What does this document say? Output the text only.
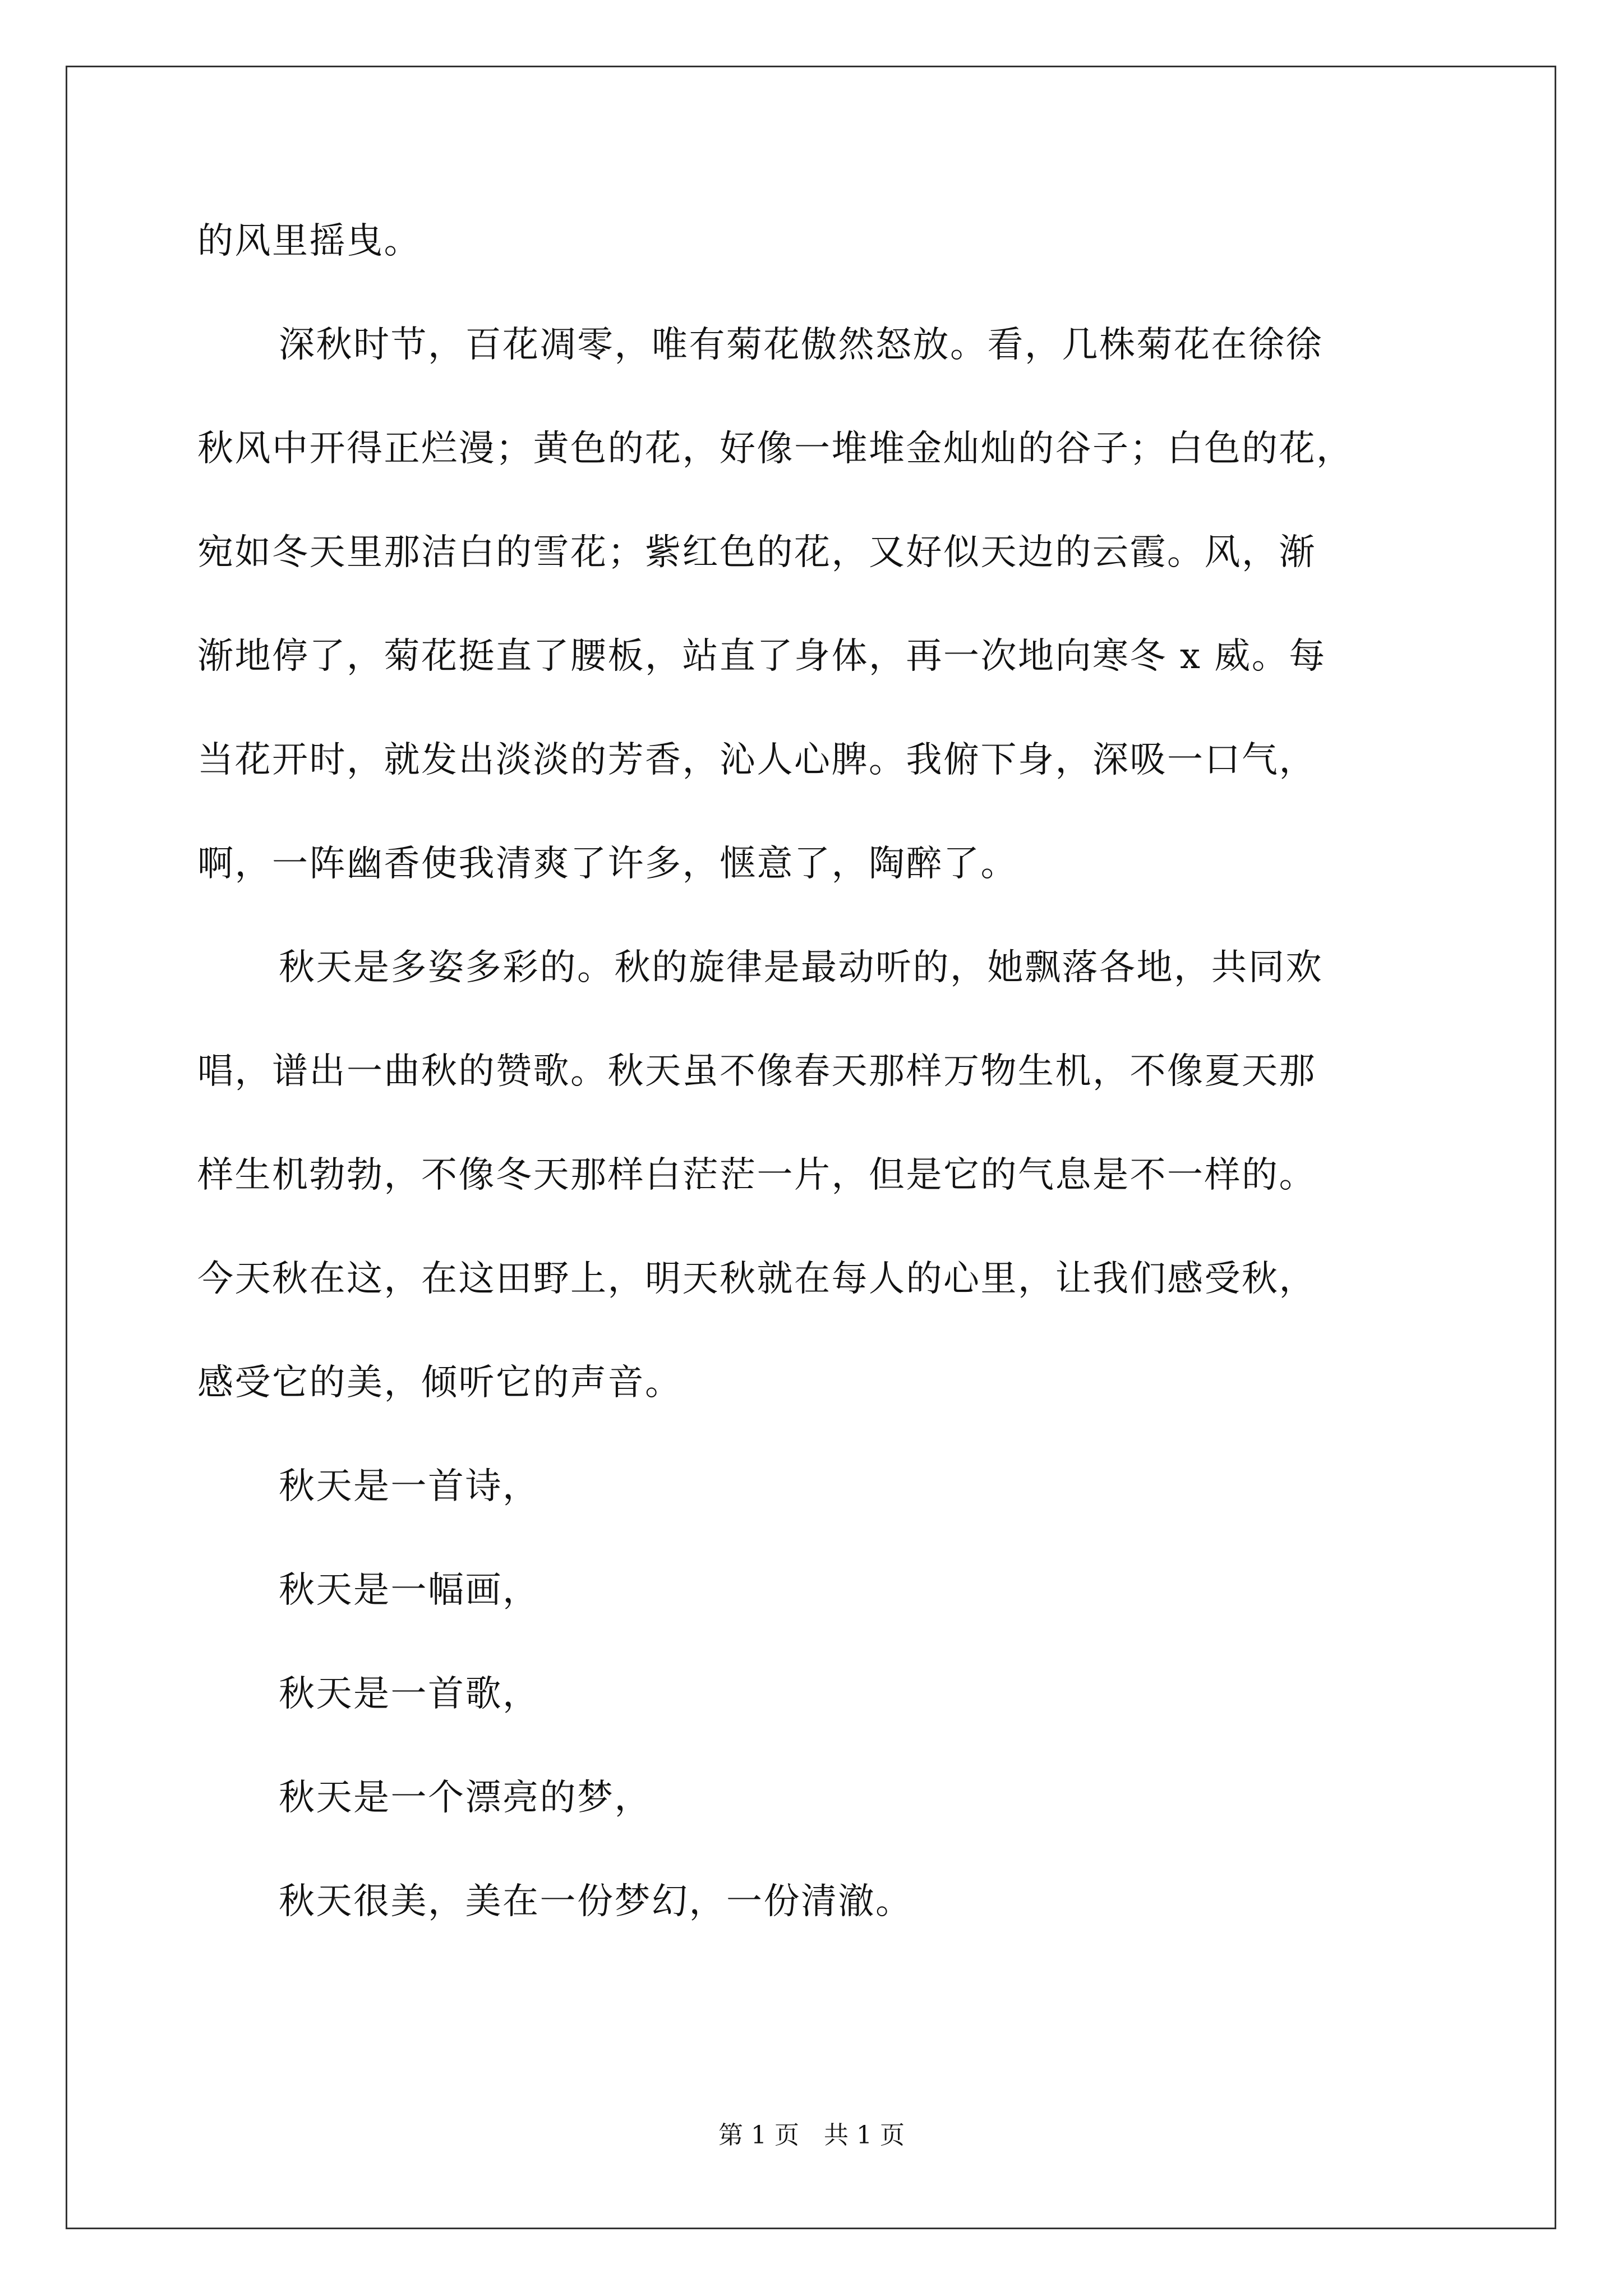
的风里摇曳。

深秋时节，百花凋零，唯有菊花傲然怒放。看，几株菊花在徐徐

秋风中开得正烂漫；黄色的花，好像一堆堆金灿灿的谷子；白色的花，

宛如冬天里那洁白的雪花；紫红色的花，又好似天边的云霞。风，渐

渐地停了，菊花挺直了腰板，站直了身体，再一次地向寒冬 x 威。每

当花开时，就发出淡淡的芳香，沁人心脾。我俯下身，深吸一口气，

啊，一阵幽香使我清爽了许多，惬意了，陶醉了。

秋天是多姿多彩的。秋的旋律是最动听的，她飘落各地，共同欢

唱，谱出一曲秋的赞歌。秋天虽不像春天那样万物生机，不像夏天那

样生机勃勃，不像冬天那样白茫茫一片，但是它的气息是不一样的。

今天秋在这，在这田野上，明天秋就在每人的心里，让我们感受秋，

感受它的美，倾听它的声音。

秋天是一首诗，

秋天是一幅画，

秋天是一首歌，

秋天是一个漂亮的梦，

秋天很美，美在一份梦幻，一份清澈。

第 1 页　共 1 页
